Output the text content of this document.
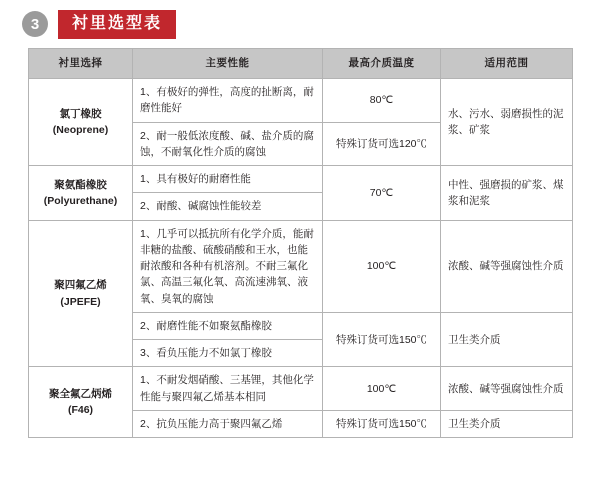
3	衬里选型表
衬里选择	主要性能	最高介质温度	适用范围

氯丁橡胶
(Neoprene)	1、有极好的弹性，高度的扯断离，耐磨性能好	80℃	水、污水、弱磨损性的泥浆、矿浆
	2、耐一般低浓度酸、碱、盐介质的腐蚀，不耐氧化性介质的腐蚀	特殊订货可选120℃	

聚氨酯橡胶
(Polyurethane)	1、具有极好的耐磨性能	70℃	中性、强磨损的矿浆、煤浆和泥浆
	2、耐酸、碱腐蚀性能较差		

聚四氟乙烯
(JPEFE)	1、几乎可以抵抗所有化学介质，能耐非糖的盐酸、硫酸硝酸和王水，也能耐浓酸和各种有机溶剂。不耐三氟化氯、高温三氟化氧、高流速沸氧、液氧、臭氧的腐蚀	100℃	浓酸、碱等强腐蚀性介质
	2、耐磨性能不如聚氨酯橡胶	特殊订货可选150℃	卫生类介质
	3、看负压能力不如氯丁橡胶		

聚全氟乙炳烯
(F46)	1、不耐发烟硝酸、三基锂，其他化学性能与聚四氟乙烯基本相同	100℃	浓酸、碱等强腐蚀性介质
	2、抗负压能力高于聚四氟乙烯	特殊订货可选150℃	卫生类介质
